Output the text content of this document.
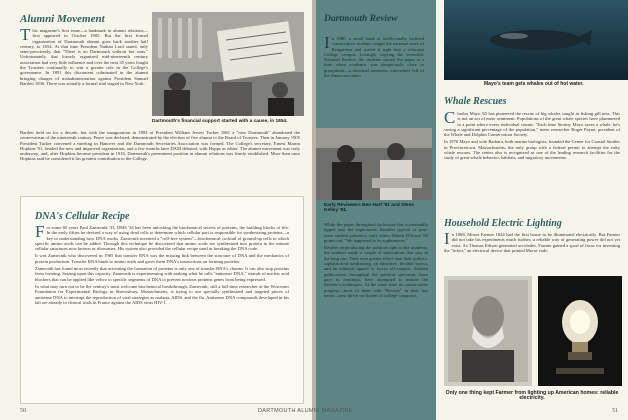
Alumni Movement
T his magazine's first issue—a landmark in alumni relations—first appeared in October 1905. But the first formal organization of Dartmouth alumni goes back another half century, to 1854. At that time President Nathan Lord stated, only semi-presciently, that "There is no Dartmouth without her sons." Unfortunately, that loosely organized mid-nineteenth century association had very little influence and over the next 35 years fought the Trustees continually to win a greater role in the College's governance. In 1891 this discontent culminated in the alumni bringing charges of maladministration against President Samuel Bartlett 1836. There was actually a formal trial staged in New York.

Bartlett held on for a decade, but with the inauguration in 1893 of President William Jewett Tucker 1861 a "new Dartmouth" abandoned the conservatism of the nineteenth century. Peace was declared, demonstrated by the election of five alumni to the Board of Trustees. Then in January 1905 President Tucker convened a meeting in Hanover and the Dartmouth Secretaries Association was formed. The College's secretary, Ernest Martin Hopkins '01, headed the new and improved organization, and a few months later DAM debuted, with Hopps as editor. The alumni movement was truly underway; and, after Hopkins became president in 1916, Dartmouth's preeminent position in alumni relations was firmly established. More than once Hopkins said he considered it his greatest contribution to the College.

Dartmouth's financial support started with a cause, in 1854.
DNA's Cellular Recipe
F or some 60 years Paul Zamecnik '33, DMS '34 has been unlocking the biochemical secrets of proteins, the building blocks of life. In the early fifties he devised a way of using dead cells to determine which cellular part is responsible for synthesizing proteins—a key to understanding how DNA works. Zamecnik invented a "cell-free system"—biochemical cocktail of ground-up cells to which specific amino acids can be added. Through this technique he discovered that amino acids are synthesized into protein in the minute cellular structures now known as ribosomes. His system also provided the cellular recipe used in breaking the DNA code.

It was Zamecnik who discovered in 1965 that transfer RNA was the missing link between the structure of DNA and the mechanics of protein production. Transfer RNA binds to amino acids and gives them DNA's instructions on forming proteins.

Zamecnik has found most recently that activating the formation of proteins is only one of transfer RNA's charms. It can also stop proteins from forming. Seizing upon this capacity, Zamecnik is experimenting with making what he calls "antisense DNA," strands of nucleic acid blockers that can be applied like velcro to specific segments of DNA to prevent noxious proteins genes from being expressed.

In what may turn out to be the century's most welcome biochemical breakthrough, Zamecnik, still a full-time researcher at the Worcester Foundation for Experimental Biology in Shrewsbury, Massachusetts, is trying to use specially synthesized and targeted pieces of antisense DNA to interrupt the reproduction of viral strategies as malaria, AIDS, and the flu. Antisense DNA compounds developed in his lab are already in clinical trials in France against the AIDS virus HIV-1.

50
Dartmouth Review
I n 1980, a small band of intellectually inclined conservative students caught the national wave of Reaganism and surfed it right into a reluctant College campus. Lovingly copying the venerable National Review, the students started the paper at a time when academic was dangerously close to groupthink—a doctrinal sameness somewhere left of the American center.

Early Reviewers Ben Hart '81 and Steve Kelley '81.

While the paper throughout its history has occasionally tipped into the sophomoric humbler typical of post-teens student polemics, early editor Dinesh D'Souza '83 points out, "We happened to be sophomores."

Besides reintroducing the political right to the academy, the students made a couple of innovations that stay in the long run. Their own greater effort than their politics: sophisticated fundraising, an attractive, flexible layout, and an editorial appeal to forces off-campus. Student publications throughout the political spectrum, from gays to feminists, have attempted to imitate the Review's techniques. At the same time its conservative progeny—most of them with "Review" in their last name—now thrive on dozens of college campuses.

Mayo's team gets whales out of hot water.
Whale Rescues
C harles Mayo '65 has pioneered the rescue of big whales caught in fishing gill nets. This is not an act of mere sentiment. Populations of the great whale species have plummeted to a point where every individual counts. "Each time Stormy Mayo saves a whale, he's saving a significant percentage of the population," notes researcher Roger Payne, president of the Whale and Dolphin Conservation Society.

In 1976 Mayo and wife Barbara, both marine biologists, founded the Center for Coastal Studies in Provincetown, Massachusetts, the only group with a federal permit to attempt the risky whale rescues. The center also is recognized as one of the leading research facilities for the study of great-whale behavior, habitats, and migratory movements.

Household Electric Lighting
I n 1868, Moses Farmer 1844 had the first house to be illuminated electrically. But Farmer did not take his experiments much further; a reliable way of generating power did not yet exist. As Thomas Edison generated accolades, Farmer gained a sport of favor for inventing the "ticket," an electrical device that printed Morse code.

Only one thing kept Farmer from lighting up American homes: reliable electricity.
51
DARTMOUTH ALUMNI MAGAZINE
